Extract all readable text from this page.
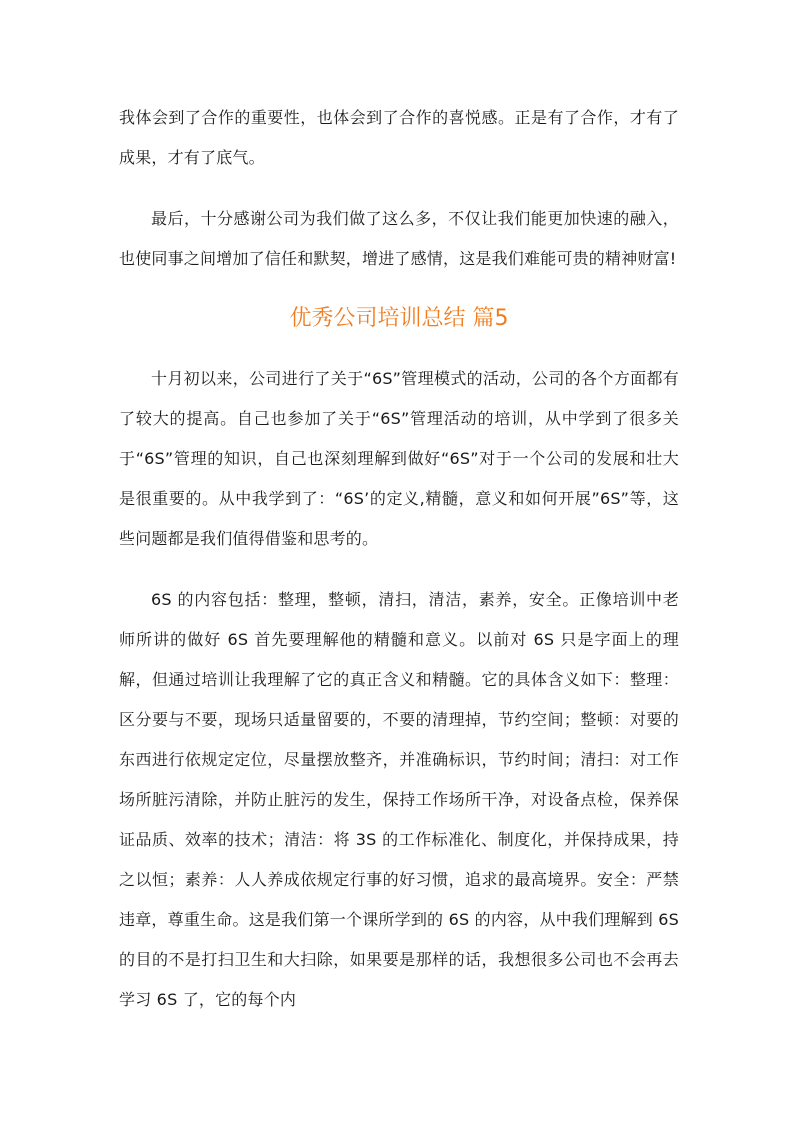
我体会到了合作的重要性，也体会到了合作的喜悦感。正是有了合作，才有了成果，才有了底气。

最后，十分感谢公司为我们做了这么多，不仅让我们能更加快速的融入，也使同事之间增加了信任和默契，增进了感情，这是我们难能可贵的精神财富!

优秀公司培训总结 篇5

十月初以来，公司进行了关于“6S”管理模式的活动，公司的各个方面都有了较大的提高。自己也参加了关于“6S”管理活动的培训，从中学到了很多关于“6S”管理的知识，自己也深刻理解到做好“6S”对于一个公司的发展和壮大是很重要的。从中我学到了：“6S’的定义,精髓，意义和如何开展”6S”等，这些问题都是我们值得借鉴和思考的。

6S 的内容包括：整理，整顿，清扫，清洁，素养，安全。正像培训中老师所讲的做好 6S 首先要理解他的精髓和意义。以前对 6S 只是字面上的理解，但通过培训让我理解了它的真正含义和精髓。它的具体含义如下：整理：区分要与不要，现场只适量留要的，不要的清理掉，节约空间；整顿：对要的东西进行依规定定位，尽量摆放整齐，并准确标识，节约时间；清扫：对工作场所脏污清除，并防止脏污的发生，保持工作场所干净，对设备点检，保养保证品质、效率的技术；清洁：将 3S 的工作标准化、制度化，并保持成果，持之以恒；素养：人人养成依规定行事的好习惯，追求的最高境界。安全：严禁违章，尊重生命。这是我们第一个课所学到的 6S 的内容，从中我们理解到 6S 的目的不是打扫卫生和大扫除，如果要是那样的话，我想很多公司也不会再去学习 6S 了，它的每个内
